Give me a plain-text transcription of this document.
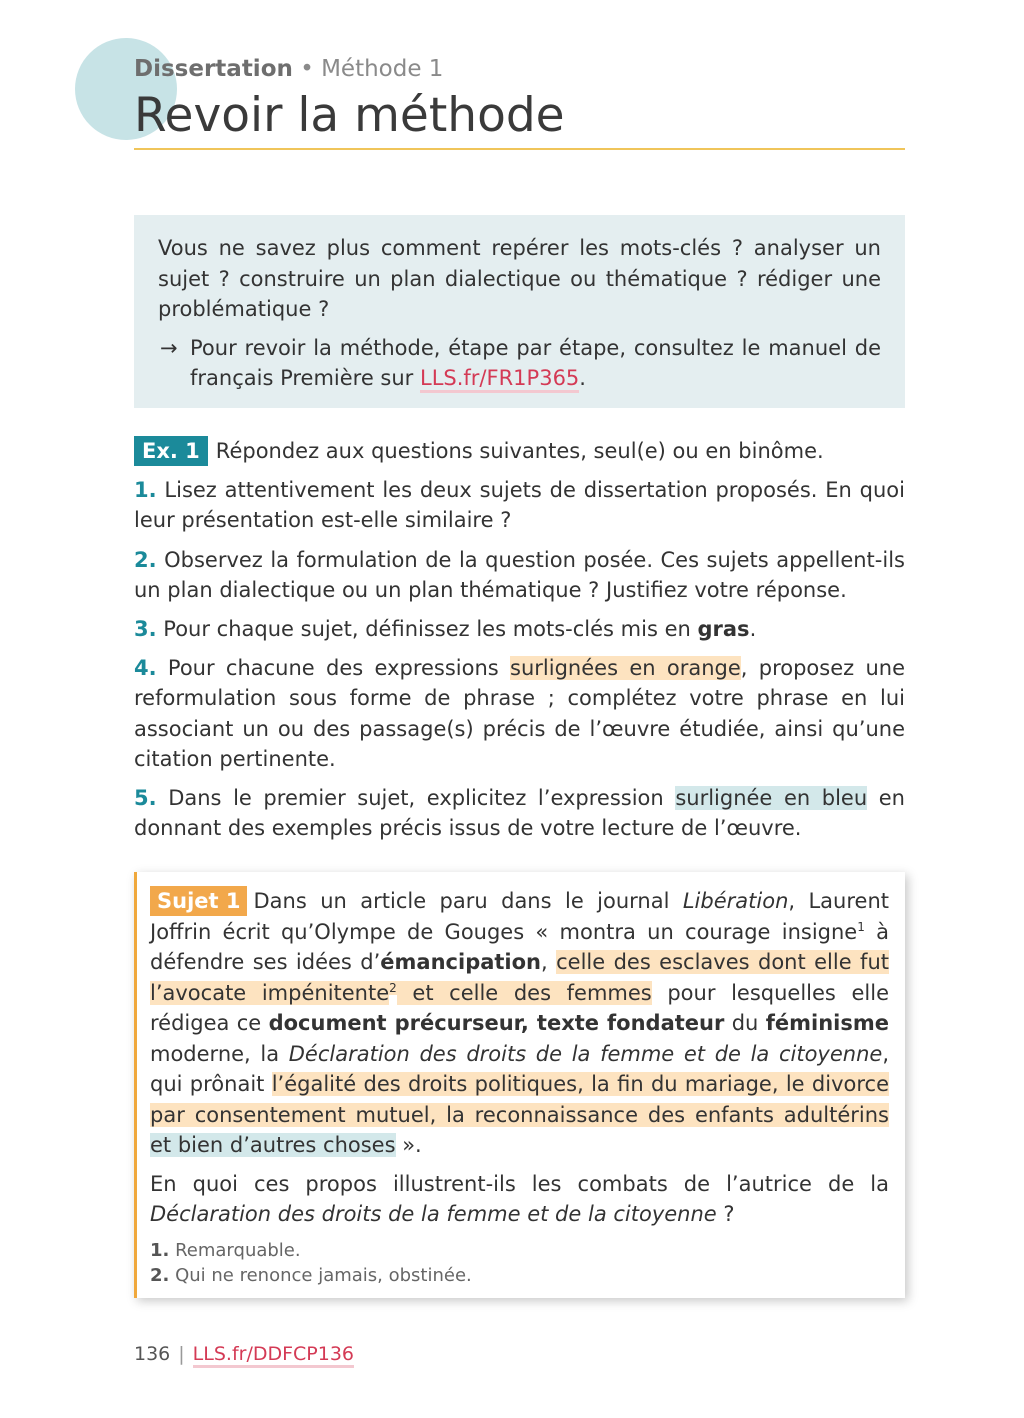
Dissertation • Méthode 1
Revoir la méthode

Vous ne savez plus comment repérer les mots-clés ? analyser un sujet ? construire un plan dialectique ou thématique ? rédiger une problématique ?

→ Pour revoir la méthode, étape par étape, consultez le manuel de français Première sur LLS.fr/FR1P365.

Ex. 1 Répondez aux questions suivantes, seul(e) ou en binôme.

1. Lisez attentivement les deux sujets de dissertation proposés. En quoi leur présentation est-elle similaire ?

2. Observez la formulation de la question posée. Ces sujets appellent-ils un plan dialectique ou un plan thématique ? Justifiez votre réponse.

3. Pour chaque sujet, définissez les mots-clés mis en gras.

4. Pour chacune des expressions surlignées en orange, proposez une reformulation sous forme de phrase ; complétez votre phrase en lui associant un ou des passage(s) précis de l’œuvre étudiée, ainsi qu’une citation pertinente.

5. Dans le premier sujet, explicitez l’expression surlignée en bleu en donnant des exemples précis issus de votre lecture de l’œuvre.

Sujet 1 Dans un article paru dans le journal Libération, Laurent Joffrin écrit qu’Olympe de Gouges « montra un courage insigne$^1$ à défendre ses idées d’émancipation, celle des esclaves dont elle fut l’avocate impénitente$^2$ et celle des femmes pour lesquelles elle rédigea ce document précurseur, texte fondateur du féminisme moderne, la Déclaration des droits de la femme et de la citoyenne, qui prônait l’égalité des droits politiques, la fin du mariage, le divorce par consentement mutuel, la reconnaissance des enfants adultérins et bien d’autres choses ».

En quoi ces propos illustrent-ils les combats de l’autrice de la Déclaration des droits de la femme et de la citoyenne ?

1. Remarquable.
2. Qui ne renonce jamais, obstinée.
136 | LLS.fr/DDFCP136
